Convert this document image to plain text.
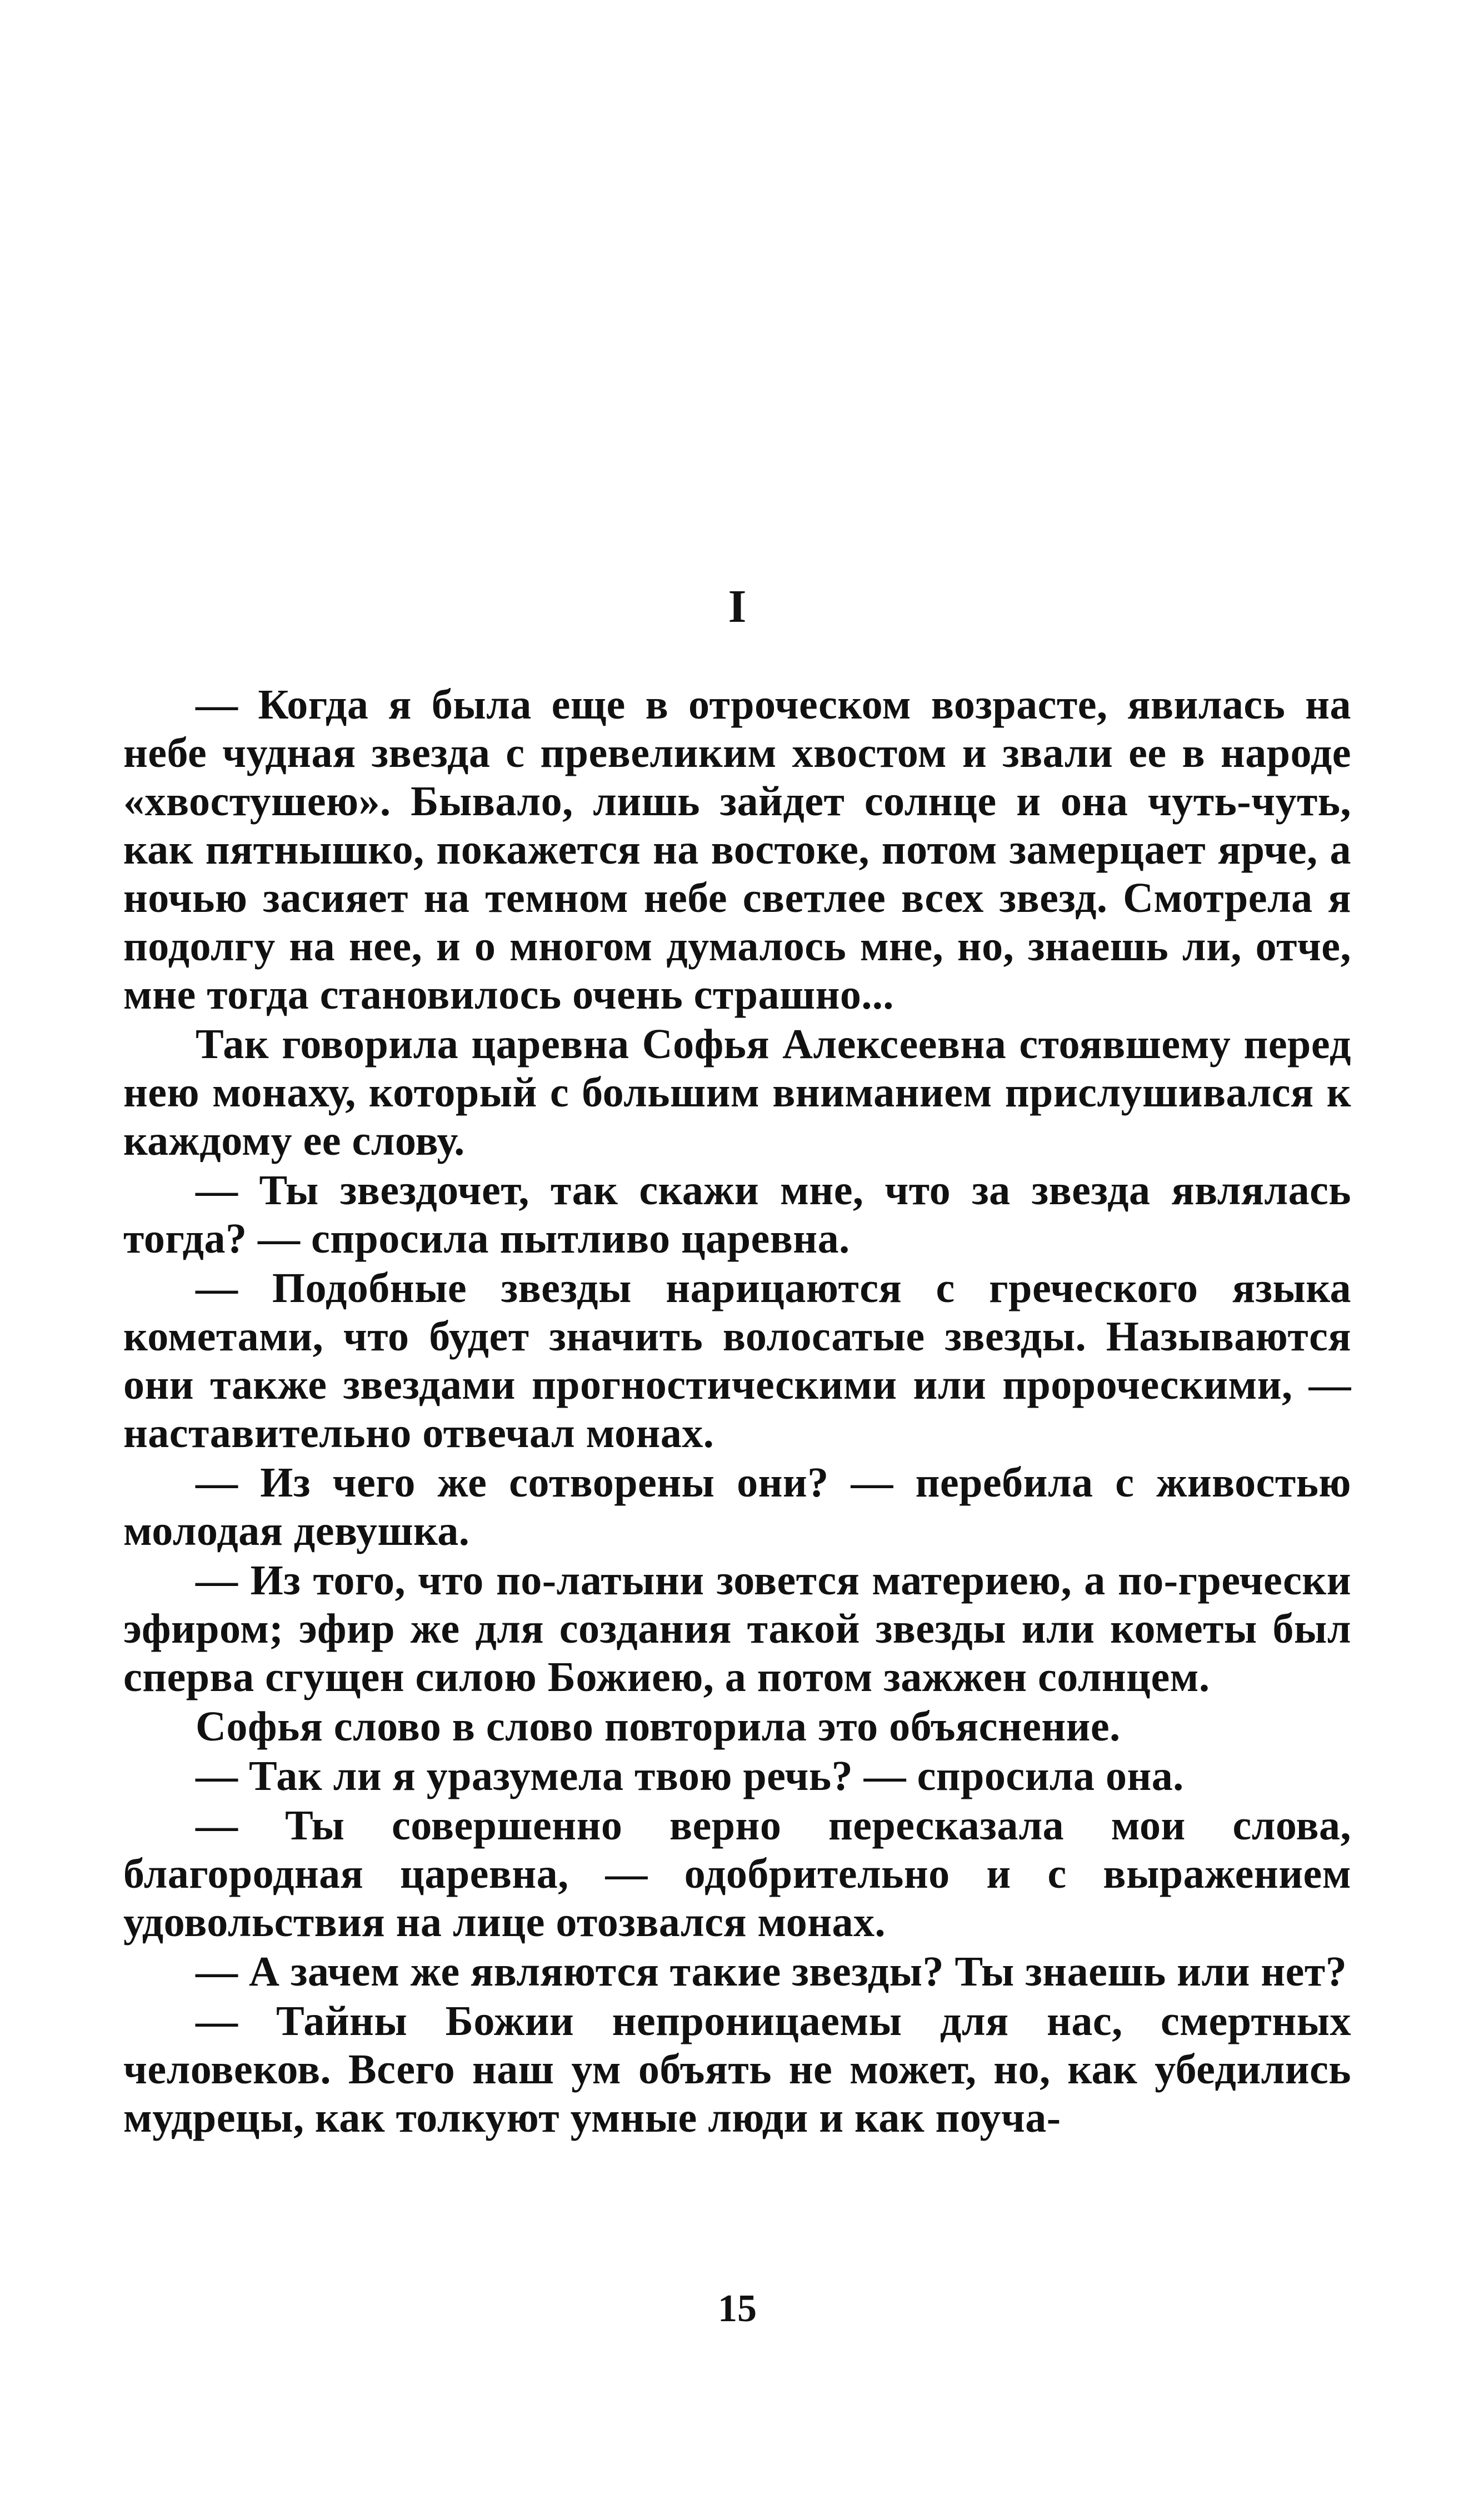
I

— Когда я была еще в отроческом возрасте, явилась на небе чудная звезда с превеликим хвостом и звали ее в народе «хвостушею». Бывало, лишь зайдет солнце и она чуть-чуть, как пятнышко, покажется на востоке, потом замерцает ярче, а ночью засияет на темном небе светлее всех звезд. Смотрела я подолгу на нее, и о многом думалось мне, но, знаешь ли, отче, мне тогда становилось очень страшно...

Так говорила царевна Софья Алексеевна стоявшему перед нею монаху, который с большим вниманием прислушивался к каждому ее слову.

— Ты звездочет, так скажи мне, что за звезда являлась тогда? — спросила пытливо царевна.

— Подобные звезды нарицаются с греческого языка кометами, что будет значить волосатые звезды. Называются они также звездами прогностическими или пророческими, — наставительно отвечал монах.

— Из чего же сотворены они? — перебила с живостью молодая девушка.

— Из того, что по-латыни зовется материею, а по-гречески эфиром; эфир же для создания такой звезды или кометы был сперва сгущен силою Божиею, а потом зажжен солнцем.

Софья слово в слово повторила это объяснение.

— Так ли я уразумела твою речь? — спросила она.

— Ты совершенно верно пересказала мои слова, благородная царевна, — одобрительно и с выражением удовольствия на лице отозвался монах.

— А зачем же являются такие звезды? Ты знаешь или нет?

— Тайны Божии непроницаемы для нас, смертных человеков. Всего наш ум объять не может, но, как убедились мудрецы, как толкуют умные люди и как поуча-

15
